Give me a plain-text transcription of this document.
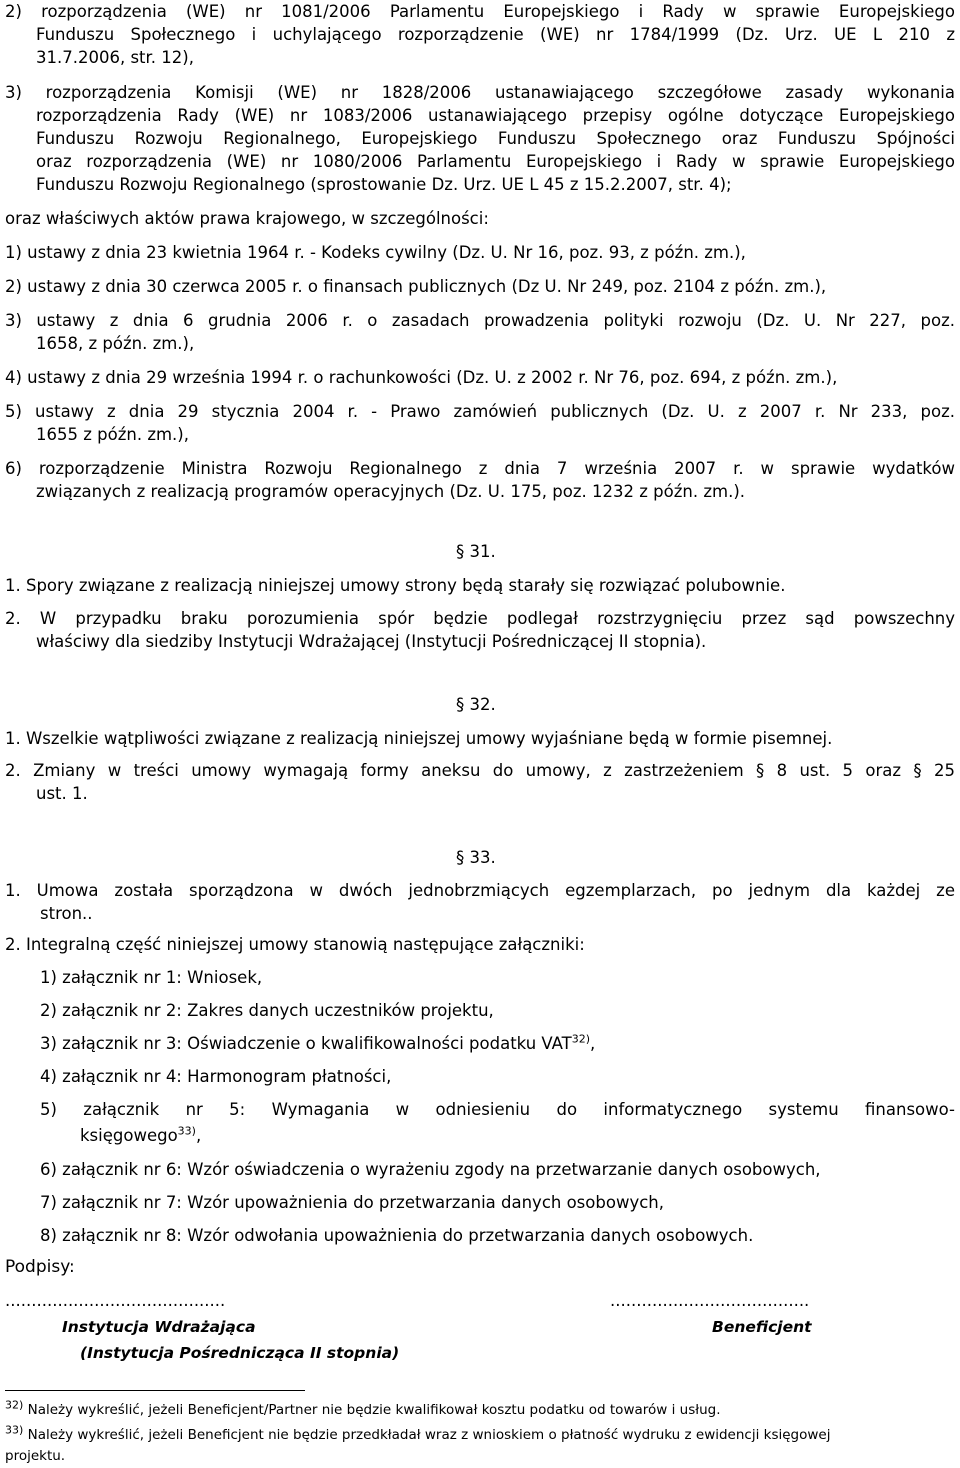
2) rozporządzenia (WE) nr 1081/2006 Parlamentu Europejskiego i Rady w sprawie Europejskiego
Funduszu Społecznego i uchylającego rozporządzenie (WE) nr 1784/1999 (Dz. Urz. UE L 210 z
31.7.2006, str. 12),
3) rozporządzenia Komisji (WE) nr 1828/2006 ustanawiającego szczegółowe zasady wykonania
rozporządzenia Rady (WE) nr 1083/2006 ustanawiającego przepisy ogólne dotyczące Europejskiego
Funduszu Rozwoju Regionalnego, Europejskiego Funduszu Społecznego oraz Funduszu Spójności
oraz rozporządzenia (WE) nr 1080/2006 Parlamentu Europejskiego i Rady w sprawie Europejskiego
Funduszu Rozwoju Regionalnego (sprostowanie Dz. Urz. UE L 45 z 15.2.2007, str. 4);
oraz właściwych aktów prawa krajowego, w szczególności:
1) ustawy z dnia 23 kwietnia 1964 r. - Kodeks cywilny (Dz. U. Nr 16, poz. 93, z późn. zm.),
2) ustawy z dnia 30 czerwca 2005 r. o finansach publicznych (Dz U. Nr 249, poz. 2104 z późn. zm.),
3) ustawy z dnia 6 grudnia 2006 r. o zasadach prowadzenia polityki rozwoju (Dz. U. Nr 227, poz.
1658, z późn. zm.),
4) ustawy z dnia 29 września 1994 r. o rachunkowości (Dz. U. z 2002 r. Nr 76, poz. 694, z późn. zm.),
5) ustawy z dnia 29 stycznia 2004 r. - Prawo zamówień publicznych (Dz. U. z 2007 r. Nr 233, poz.
1655 z późn. zm.),
6) rozporządzenie Ministra Rozwoju Regionalnego z dnia 7 września 2007 r. w sprawie wydatków
związanych z realizacją programów operacyjnych (Dz. U. 175, poz. 1232 z późn. zm.).
§ 31.
1. Spory związane z realizacją niniejszej umowy strony będą starały się rozwiązać polubownie.
2. W przypadku braku porozumienia spór będzie podlegał rozstrzygnięciu przez sąd powszechny
właściwy dla siedziby Instytucji Wdrażającej (Instytucji Pośredniczącej II stopnia).
§ 32.
1. Wszelkie wątpliwości związane z realizacją niniejszej umowy wyjaśniane będą w formie pisemnej.
2. Zmiany w treści umowy wymagają formy aneksu do umowy, z zastrzeżeniem § 8 ust. 5 oraz § 25
ust. 1.
§ 33.
1. Umowa została sporządzona w dwóch jednobrzmiących egzemplarzach, po jednym dla każdej ze
stron..
2. Integralną część niniejszej umowy stanowią następujące załączniki:
1) załącznik nr 1: Wniosek,
2) załącznik nr 2: Zakres danych uczestników projektu,
3) załącznik nr 3: Oświadczenie o kwalifikowalności podatku VAT$^{32)}$,
4) załącznik nr 4: Harmonogram płatności,
5) załącznik nr 5: Wymagania w odniesieniu do informatycznego systemu finansowo-
księgowego$^{33)}$,
6) załącznik nr 6: Wzór oświadczenia o wyrażeniu zgody na przetwarzanie danych osobowych,
7) załącznik nr 7: Wzór upoważnienia do przetwarzania danych osobowych,
8) załącznik nr 8: Wzór odwołania upoważnienia do przetwarzania danych osobowych.
Podpisy:
..........................................	......................................
Instytucja Wdrażająca	Beneficjent
(Instytucja Pośrednicząca II stopnia)
$^{32)}$ Należy wykreślić, jeżeli Beneficjent/Partner nie będzie kwalifikował kosztu podatku od towarów i usług.
$^{33)}$ Należy wykreślić, jeżeli Beneficjent nie będzie przedkładał wraz z wnioskiem o płatność wydruku z ewidencji księgowej
projektu.
